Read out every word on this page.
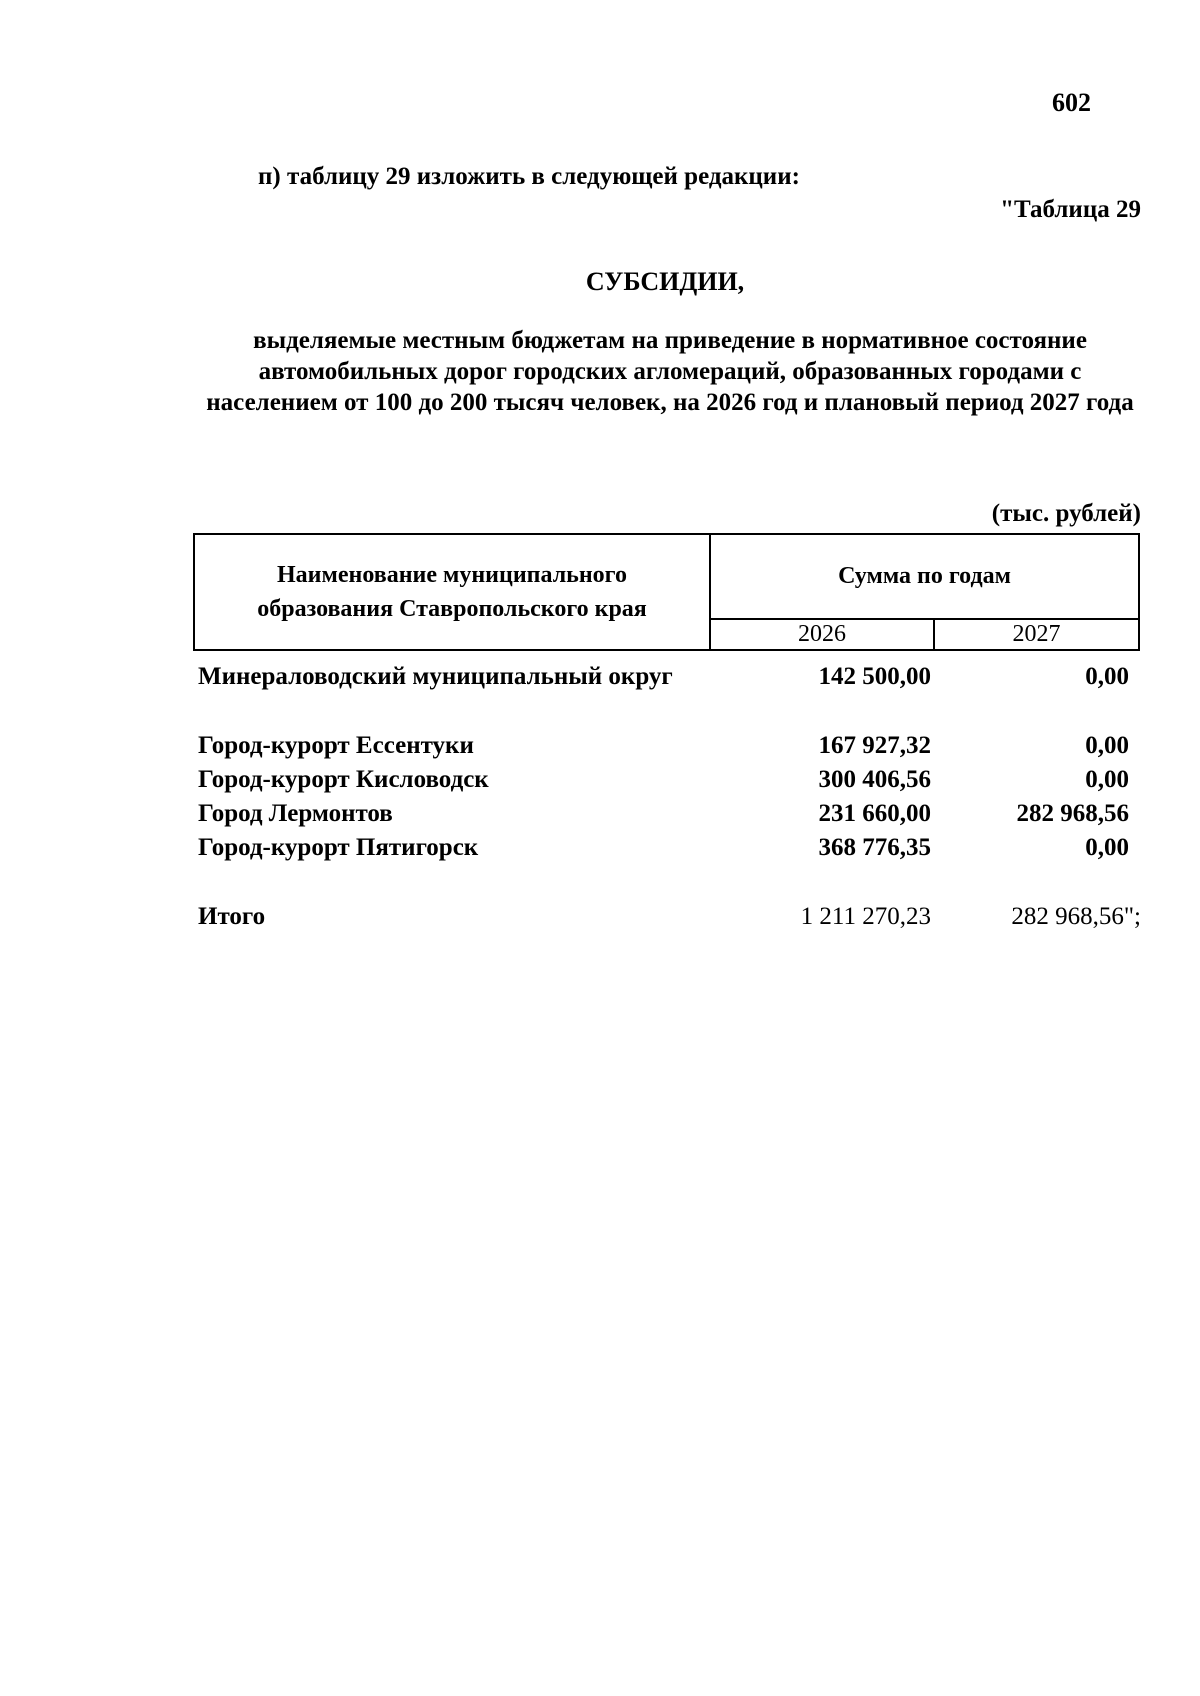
602
п) таблицу 29 изложить в следующей редакции:
"Таблица 29
СУБСИДИИ,
выделяемые местным бюджетам на приведение в нормативное состояние автомобильных дорог городских агломераций, образованных городами с населением от 100 до 200 тысяч человек, на 2026 год и плановый период 2027 года
(тыс. рублей)
Наименование муниципального образования Ставропольского края
Сумма по годам
2026	2027
Минераловодский муниципальный округ	142 500,00	0,00
Город-курорт Ессентуки	167 927,32	0,00
Город-курорт Кисловодск	300 406,56	0,00
Город Лермонтов	231 660,00	282 968,56
Город-курорт Пятигорск	368 776,35	0,00
Итого	1 211 270,23	282 968,56";
